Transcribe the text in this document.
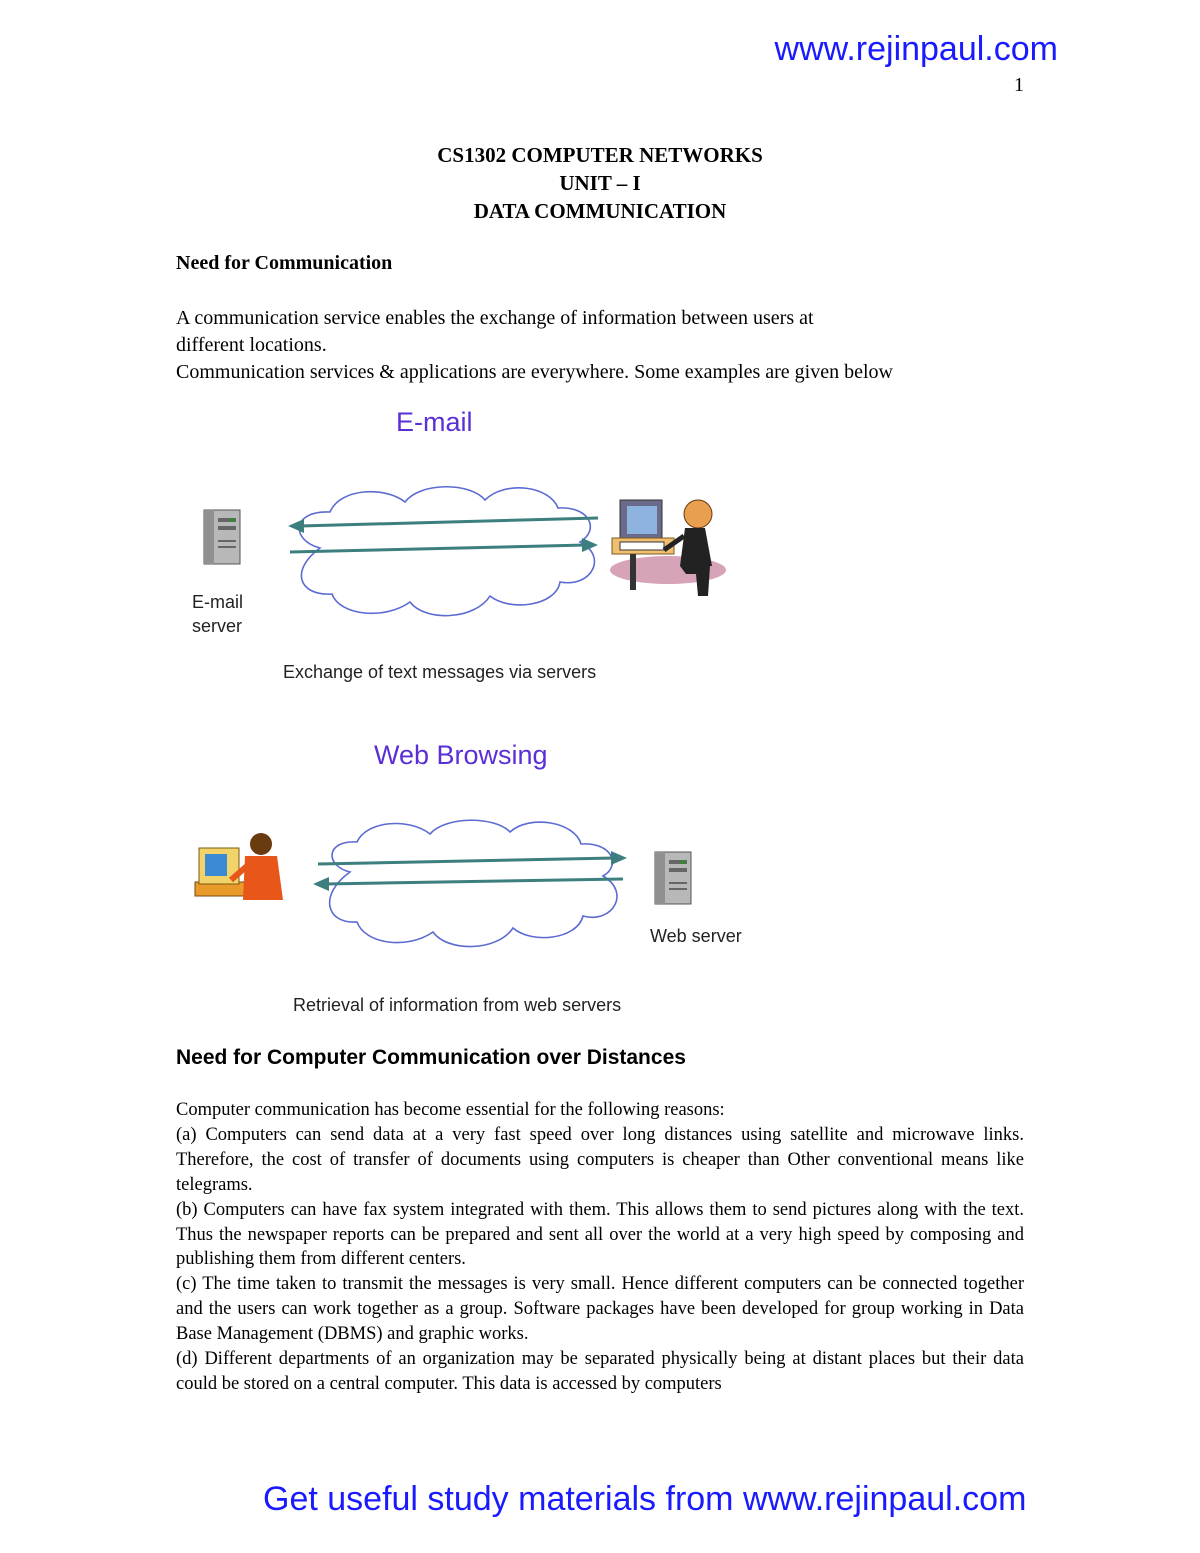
www.rejinpaul.com
1
CS1302 COMPUTER NETWORKS
UNIT – I
DATA COMMUNICATION
Need for Communication
A communication service enables the exchange of information between users at
different locations.
Communication services & applications are everywhere. Some examples are given below
E-mail
E-mail
server
Exchange of text messages via servers
Web Browsing
Web server
Retrieval of information from web servers
Need for Computer Communication over Distances

Computer communication has become essential for the following reasons:

(a) Computers can send data at a very fast speed over long distances using satellite and microwave links. Therefore, the cost of transfer of documents using computers is cheaper than Other conventional means like telegrams.

(b) Computers can have fax system integrated with them. This allows them to send pictures along with the text. Thus the newspaper reports can be prepared and sent all over the world at a very high speed by composing and publishing them from different centers.

(c) The time taken to transmit the messages is very small. Hence different computers can be connected together and the users can work together as a group. Software packages have been developed for group working in Data Base Management (DBMS) and graphic works.

(d) Different departments of an organization may be separated physically being at distant places but their data could be stored on a central computer. This data is accessed by computers

Get useful study materials from www.rejinpaul.com
